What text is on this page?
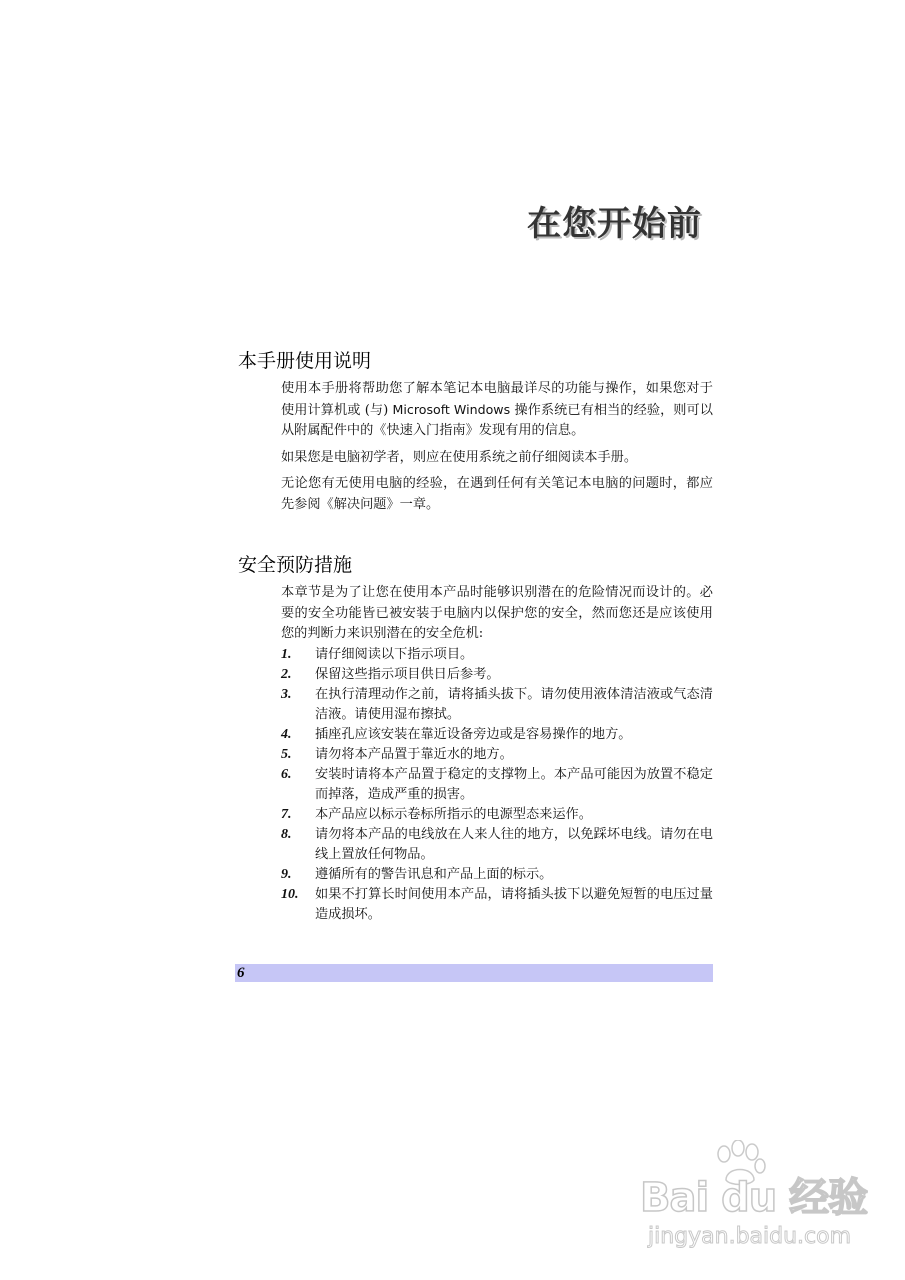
在您开始前
本手册使用说明

使用本手册将帮助您了解本笔记本电脑最详尽的功能与操作，如果您对于使用计算机或 (与) Microsoft Windows 操作系统已有相当的经验，则可以从附属配件中的《快速入门指南》发现有用的信息。

如果您是电脑初学者，则应在使用系统之前仔细阅读本手册。

无论您有无使用电脑的经验，在遇到任何有关笔记本电脑的问题时，都应先参阅《解决问题》一章。

安全预防措施

本章节是为了让您在使用本产品时能够识别潜在的危险情况而设计的。必要的安全功能皆已被安装于电脑内以保护您的安全，然而您还是应该使用您的判断力来识别潜在的安全危机:

1. 请仔细阅读以下指示项目。
2. 保留这些指示项目供日后参考。
3. 在执行清理动作之前，请将插头拔下。请勿使用液体清洁液或气态清洁液。请使用湿布擦拭。
4. 插座孔应该安装在靠近设备旁边或是容易操作的地方。
5. 请勿将本产品置于靠近水的地方。
6. 安装时请将本产品置于稳定的支撑物上。本产品可能因为放置不稳定而掉落，造成严重的损害。
7. 本产品应以标示卷标所指示的电源型态来运作。
8. 请勿将本产品的电线放在人来人往的地方，以免踩坏电线。请勿在电线上置放任何物品。
9. 遵循所有的警告讯息和产品上面的标示。
10. 如果不打算长时间使用本产品，请将插头拔下以避免短暂的电压过量造成损坏。
6
Bai du 经验
jingyan.baidu.com
